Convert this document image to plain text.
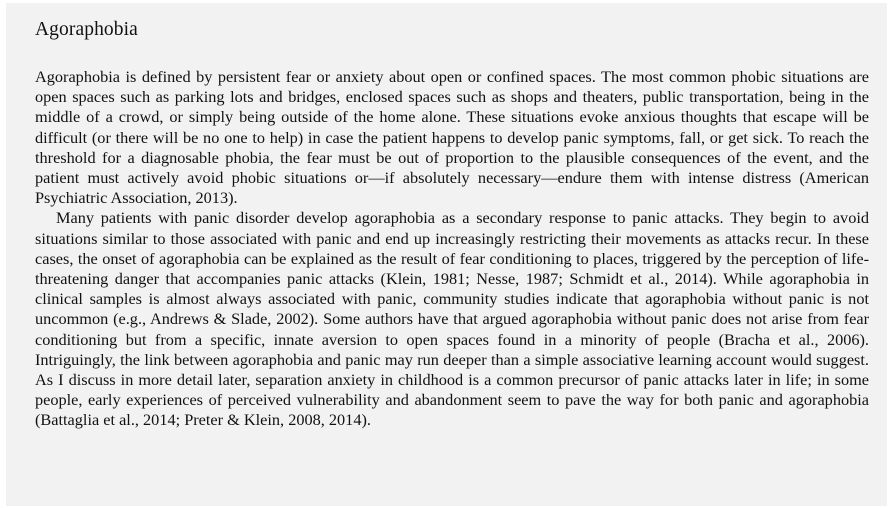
Agoraphobia

Agoraphobia is defined by persistent fear or anxiety about open or confined spaces. The most common phobic situations are open spaces such as parking lots and bridges, enclosed spaces such as shops and theaters, public transportation, being in the middle of a crowd, or simply being outside of the home alone. These situations evoke anxious thoughts that escape will be difficult (or there will be no one to help) in case the patient happens to develop panic symptoms, fall, or get sick. To reach the threshold for a diagnosable phobia, the fear must be out of proportion to the plausible consequences of the event, and the patient must actively avoid phobic situations or—if absolutely necessary—endure them with intense distress (American Psychiatric Association, 2013).

Many patients with panic disorder develop agoraphobia as a secondary response to panic attacks. They begin to avoid situations similar to those associated with panic and end up increasingly restricting their movements as attacks recur. In these cases, the onset of agoraphobia can be explained as the result of fear conditioning to places, triggered by the perception of life-threatening danger that accompanies panic attacks (Klein, 1981; Nesse, 1987; Schmidt et al., 2014). While agoraphobia in clinical samples is almost always associated with panic, community studies indicate that agoraphobia without panic is not uncommon (e.g., Andrews & Slade, 2002). Some authors have that argued agoraphobia without panic does not arise from fear conditioning but from a specific, innate aversion to open spaces found in a minority of people (Bracha et al., 2006). Intriguingly, the link between agoraphobia and panic may run deeper than a simple associative learning account would suggest. As I discuss in more detail later, separation anxiety in childhood is a common precursor of panic attacks later in life; in some people, early experiences of perceived vulnerability and abandonment seem to pave the way for both panic and agoraphobia (Battaglia et al., 2014; Preter & Klein, 2008, 2014).
